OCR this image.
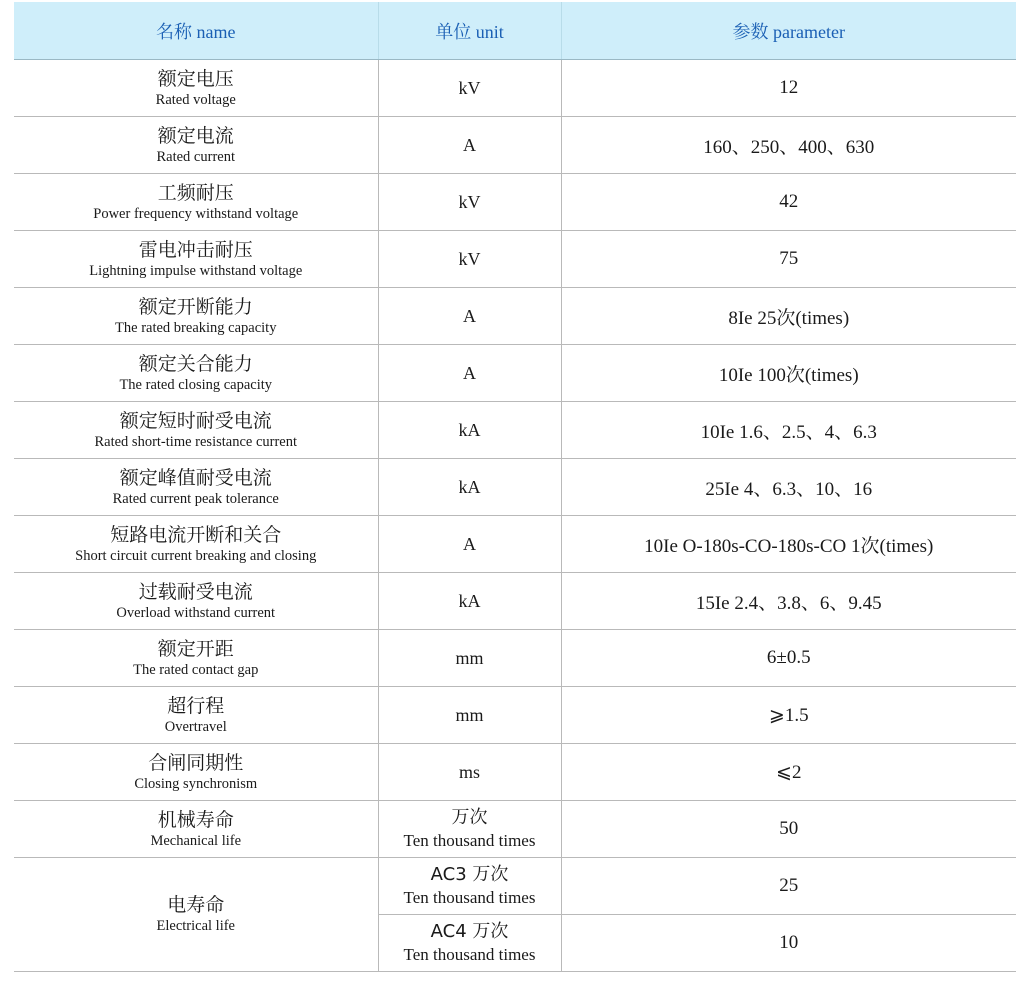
名称 name	单位 unit	参数 parameter

额定电压
Rated voltage	kV	12

额定电流
Rated current	A	160、250、400、630

工频耐压
Power frequency withstand voltage	kV	42

雷电冲击耐压
Lightning impulse withstand voltage	kV	75

额定开断能力
The rated breaking capacity	A	8Ie 25次(times)

额定关合能力
The rated closing capacity	A	10Ie 100次(times)

额定短时耐受电流
Rated short-time resistance current	kA	10Ie 1.6、2.5、4、6.3

额定峰值耐受电流
Rated current peak tolerance	kA	25Ie 4、6.3、10、16

短路电流开断和关合
Short circuit current breaking and closing	A	10Ie O-180s-CO-180s-CO 1次(times)

过载耐受电流
Overload withstand current	kA	15Ie 2.4、3.8、6、9.45

额定开距
The rated contact gap	mm	6±0.5

超行程
Overtravel	mm	⩾1.5

合闸同期性
Closing synchronism	ms	⩽2

机械寿命
Mechanical life	万次
Ten thousand times	50

电寿命
Electrical life	AC3 万次
Ten thousand times	25

	AC4 万次
Ten thousand times	10
